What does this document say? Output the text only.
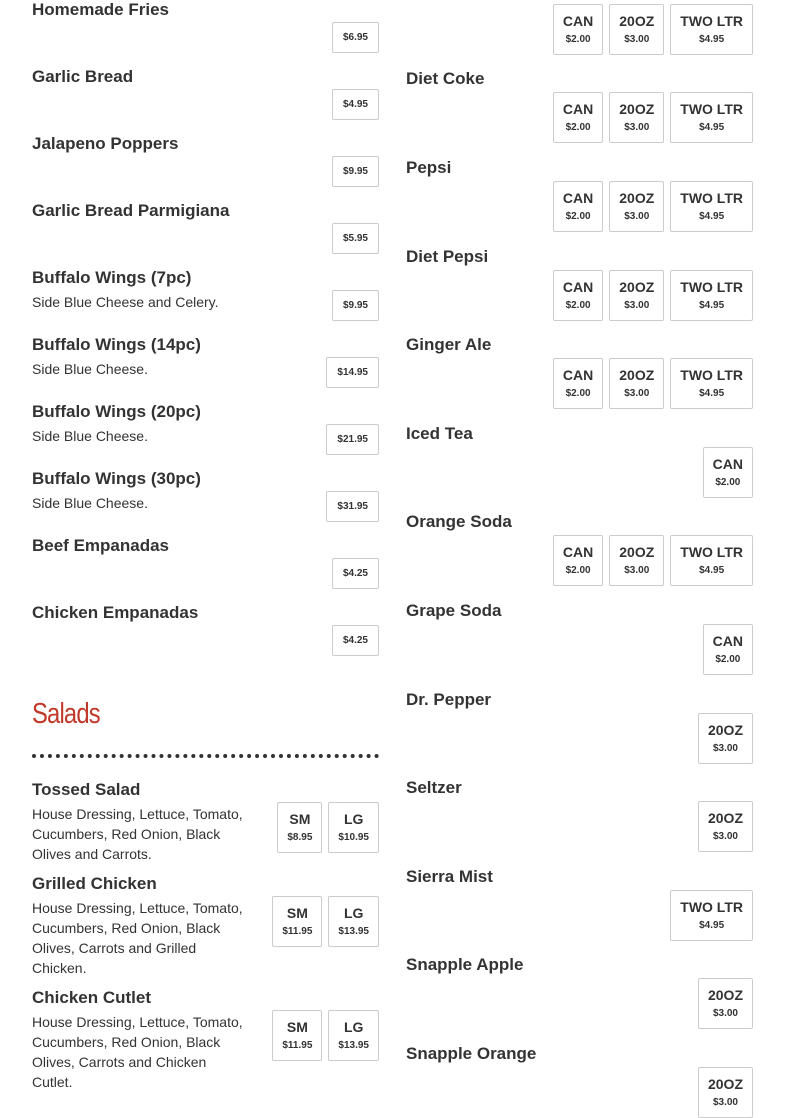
Homemade Fries
$6.95
Garlic Bread
$4.95
Jalapeno Poppers
$9.95
Garlic Bread Parmigiana
$5.95
Buffalo Wings (7pc)
Side Blue Cheese and Celery.	$9.95
Buffalo Wings (14pc)
Side Blue Cheese.	$14.95
Buffalo Wings (20pc)
Side Blue Cheese.	$21.95
Buffalo Wings (30pc)
Side Blue Cheese.	$31.95
Beef Empanadas
$4.25
Chicken Empanadas
$4.25
Salads
Tossed Salad
House Dressing, Lettuce, Tomato, Cucumbers, Red Onion, Black Olives and Carrots.
SM
$8.95
LG
$10.95
Grilled Chicken
House Dressing, Lettuce, Tomato, Cucumbers, Red Onion, Black Olives, Carrots and Grilled Chicken.
SM
$11.95
LG
$13.95
Chicken Cutlet
House Dressing, Lettuce, Tomato, Cucumbers, Red Onion, Black Olives, Carrots and Chicken Cutlet.
SM
$11.95
LG
$13.95
CAN
$2.00
20OZ
$3.00
TWO LTR
$4.95
Diet Coke
CAN
$2.00
20OZ
$3.00
TWO LTR
$4.95
Pepsi
CAN
$2.00
20OZ
$3.00
TWO LTR
$4.95
Diet Pepsi
CAN
$2.00
20OZ
$3.00
TWO LTR
$4.95
Ginger Ale
CAN
$2.00
20OZ
$3.00
TWO LTR
$4.95
Iced Tea
CAN
$2.00
Orange Soda
CAN
$2.00
20OZ
$3.00
TWO LTR
$4.95
Grape Soda
CAN
$2.00
Dr. Pepper
20OZ
$3.00
Seltzer
20OZ
$3.00
Sierra Mist
TWO LTR
$4.95
Snapple Apple
20OZ
$3.00
Snapple Orange
20OZ
$3.00
